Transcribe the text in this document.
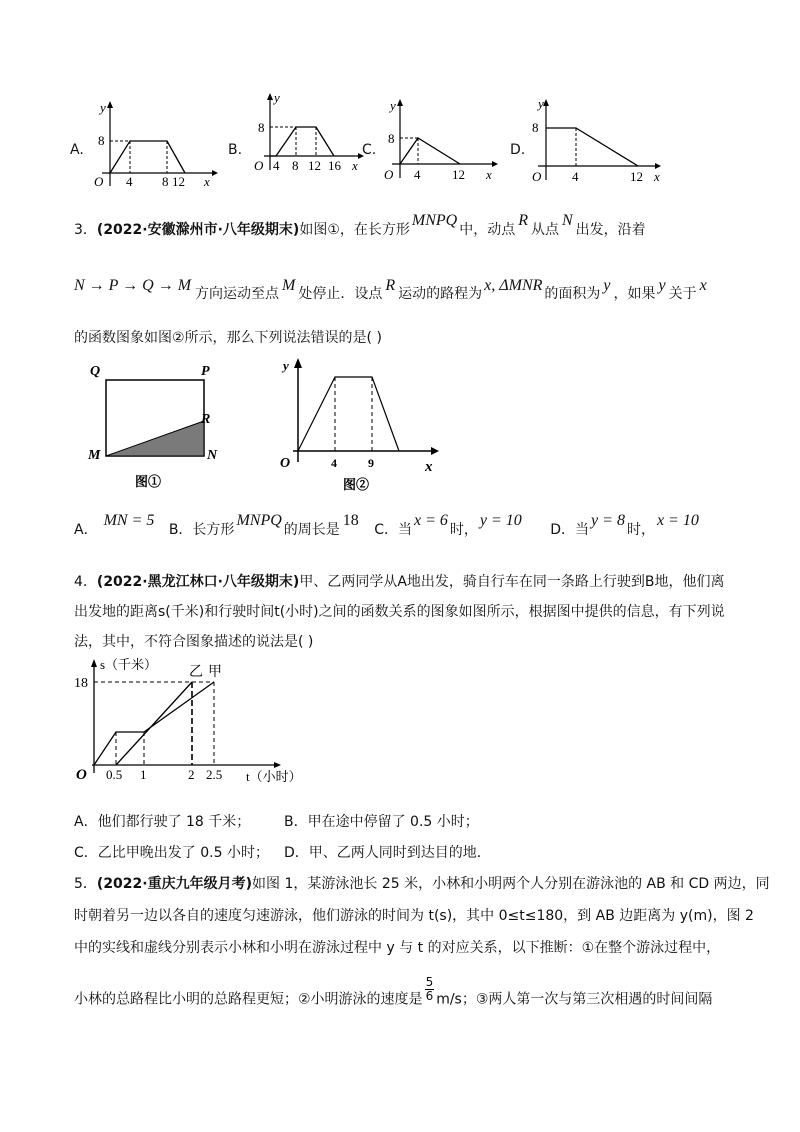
A.
y
8
O 4 8 12 x
B.
y
8
O 4 8 12 16 x
C.
y
8
O 4 12 x
D.
y
8
O 4	12 x
3．(2022·安徽滁州市·八年级期末)如图①，在长方形MNPQ中，动点R从点N出发，沿着
N → P → Q → M 方向运动至点 M 处停止．设点 R 运动的路程为 x, ΔMNR 的面积为 y ，如果 y 关于 x
的函数图象如图②所示，那么下列说法错误的是( )
Q	P
R
M	N
图①
y
O	4	9	x
图②
A．MN = 5 B．长方形MNPQ的周长是18 C．当x = 6时，y = 10 D．当y = 8时，x = 10
4．(2022·黑龙江林口·八年级期末)甲、乙两同学从A地出发，骑自行车在同一条路上行驶到B地，他们离
出发地的距离s(千米)和行驶时间t(小时)之间的函数关系的图象如图所示，根据图中提供的信息，有下列说
法，其中，不符合图象描述的说法是( )
s（千米）
18
乙 甲
O 0.5 1	2 2.5 t（小时）
A．他们都行驶了 18 千米； B．甲在途中停留了 0.5 小时；
C．乙比甲晚出发了 0.5 小时； D．甲、乙两人同时到达目的地．
5．(2022·重庆九年级月考)如图 1，某游泳池长 25 米，小林和小明两个人分别在游泳池的 AB 和 CD 两边，同
时朝着另一边以各自的速度匀速游泳，他们游泳的时间为 t(s)，其中 0≤t≤180，到 AB 边距离为 y(m)，图 2
中的实线和虚线分别表示小林和小明在游泳过程中 y 与 t 的对应关系，以下推断：①在整个游泳过程中，
小林的总路程比小明的总路程更短；②小明游泳的速度是 $\frac{5}{6} m/s$；③两人第一次与第三次相遇的时间间隔
